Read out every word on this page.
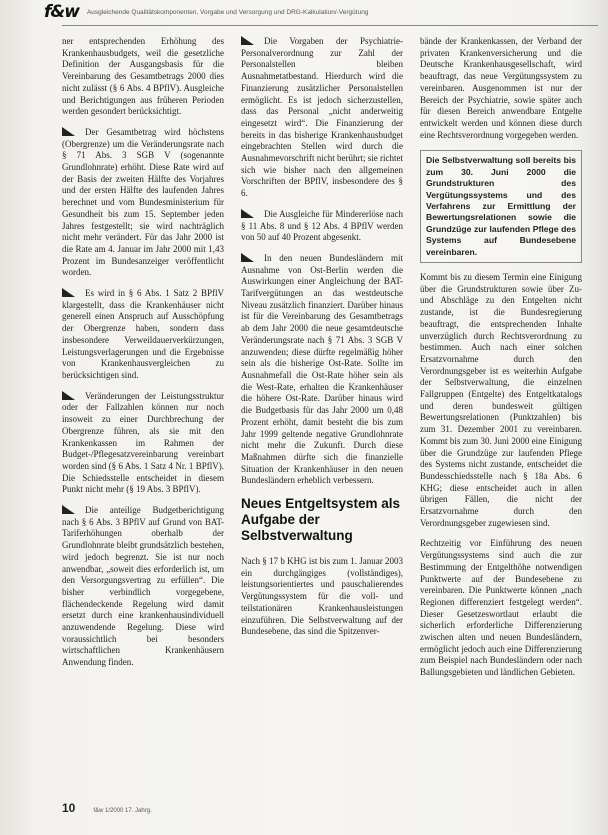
f&w Ausgleichende Qualitätskomponenten, Vorgabe und Versorgung und DRG-Kalkulation/-Vergütung

ner entsprechenden Erhöhung des Krankenhausbudgets, weil die gesetzliche Definition der Ausgangsbasis für die Vereinbarung des Gesamtbetrags 2000 dies nicht zulässt (§ 6 Abs. 4 BPflV). Ausgleiche und Berichtigungen aus früheren Perioden werden gesondert berücksichtigt.

Der Gesamtbetrag wird höchstens (Obergrenze) um die Veränderungsrate nach § 71 Abs. 3 SGB V (sogenannte Grundlohnrate) erhöht. Diese Rate wird auf der Basis der zweiten Hälfte des Vorjahres und der ersten Hälfte des laufenden Jahres berechnet und vom Bundesministerium für Gesundheit bis zum 15. September jeden Jahres festgestellt; sie wird nachträglich nicht mehr verändert. Für das Jahr 2000 ist die Rate am 4. Januar im Jahr 2000 mit 1,43 Prozent im Bundesanzeiger veröffentlicht worden.

Es wird in § 6 Abs. 1 Satz 2 BPflV klargestellt, dass die Krankenhäuser nicht generell einen Anspruch auf Ausschöpfung der Obergrenze haben, sondern dass insbesondere Verweildauerverkürzungen, Leistungsverlagerungen und die Ergebnisse von Krankenhausvergleichen zu berücksichtigen sind.

Veränderungen der Leistungsstruktur oder der Fallzahlen können nur noch insoweit zu einer Durchbrechung der Obergrenze führen, als sie mit den Krankenkassen im Rahmen der Budget-/Pflegesatzvereinbarung vereinbart worden sind (§ 6 Abs. 1 Satz 4 Nr. 1 BPflV). Die Schiedsstelle entscheidet in diesem Punkt nicht mehr (§ 19 Abs. 3 BPflV).

Die anteilige Budgetberichtigung nach § 6 Abs. 3 BPflV auf Grund von BAT-Tariferhöhungen oberhalb der Grundlohnrate bleibt grundsätzlich bestehen, wird jedoch begrenzt. Sie ist nur noch anwendbar, „soweit dies erforderlich ist, um den Versorgungsvertrag zu erfüllen“. Die bisher verbindlich vorgegebene, flächendeckende Regelung wird damit ersetzt durch eine krankenhausindividuell anzuwendende Regelung. Diese wird voraussichtlich bei besonders wirtschaftlichen Krankenhäusern Anwendung finden.

Die Vorgaben der Psychiatrie-Personalverordnung zur Zahl der Personalstellen bleiben Ausnahmetatbestand. Hierdurch wird die Finanzierung zusätzlicher Personalstellen ermöglicht. Es ist jedoch sicherzustellen, dass das Personal „nicht anderweitig eingesetzt wird“. Die Finanzierung der bereits in das bisherige Krankenhausbudget eingebrachten Stellen wird durch die Ausnahmevorschrift nicht berührt; sie richtet sich wie bisher nach den allgemeinen Vorschriften der BPflV, insbesondere des § 6.

Die Ausgleiche für Mindererlöse nach § 11 Abs. 8 und § 12 Abs. 4 BPflV werden von 50 auf 40 Prozent abgesenkt.

In den neuen Bundesländern mit Ausnahme von Ost-Berlin werden die Auswirkungen einer Angleichung der BAT-Tarifvergütungen an das westdeutsche Niveau zusätzlich finanziert. Darüber hinaus ist für die Vereinbarung des Gesamtbetrags ab dem Jahr 2000 die neue gesamtdeutsche Veränderungsrate nach § 71 Abs. 3 SGB V anzuwenden; diese dürfte regelmäßig höher sein als die bisherige Ost-Rate. Sollte im Ausnahmefall die Ost-Rate höher sein als die West-Rate, erhalten die Krankenhäuser die höhere Ost-Rate. Darüber hinaus wird die Budgetbasis für das Jahr 2000 um 0,48 Prozent erhöht, damit besteht die bis zum Jahr 1999 geltende negative Grundlohnrate nicht mehr die Zukunft. Durch diese Maßnahmen dürfte sich die finanzielle Situation der Krankenhäuser in den neuen Bundesländern erheblich verbessern.

Neues Entgeltsystem als Aufgabe der Selbstverwaltung

Nach § 17 b KHG ist bis zum 1. Januar 2003 ein durchgängiges (vollständiges), leistungsorientiertes und pauschalierendes Vergütungssystem für die voll- und teilstationären Krankenhausleistungen einzuführen. Die Selbstverwaltung auf der Bundesebene, das sind die Spitzenver-

bände der Krankenkassen, der Verband der privaten Krankenversicherung und die Deutsche Krankenhausgesellschaft, wird beauftragt, das neue Vergütungssystem zu vereinbaren. Ausgenommen ist nur der Bereich der Psychiatrie, sowie später auch für diesen Bereich anwendbare Entgelte entwickelt werden und können diese durch eine Rechtsverordnung vorgegeben werden.

Die Selbstverwaltung soll bereits bis zum 30. Juni 2000 die Grundstrukturen des Vergütungssystems und des Verfahrens zur Ermittlung der Bewertungsrelationen sowie die Grundzüge zur laufenden Pflege des Systems auf Bundesebene vereinbaren.

Kommt bis zu diesem Termin eine Einigung über die Grundstrukturen sowie über Zu- und Abschläge zu den Entgelten nicht zustande, ist die Bundesregierung beauftragt, die entsprechenden Inhalte unverzüglich durch Rechtsverordnung zu bestimmen. Auch nach einer solchen Ersatzvornahme durch den Verordnungsgeber ist es weiterhin Aufgabe der Selbstverwaltung, die einzelnen Fallgruppen (Entgelte) des Entgeltkatalogs und deren bundesweit gültigen Bewertungsrelationen (Punktzahlen) bis zum 31. Dezember 2001 zu vereinbaren. Kommt bis zum 30. Juni 2000 eine Einigung über die Grundzüge zur laufenden Pflege des Systems nicht zustande, entscheidet die Bundesschiedsstelle nach § 18a Abs. 6 KHG; diese entscheidet auch in allen übrigen Fällen, die nicht der Ersatzvornahme durch den Verordnungsgeber zugewiesen sind.

Rechtzeitig vor Einführung des neuen Vergütungssystems sind auch die zur Bestimmung der Entgelthöhe notwendigen Punktwerte auf der Bundesebene zu vereinbaren. Die Punktwerte können „nach Regionen differenziert festgelegt werden“. Dieser Gesetzeswortlaut erlaubt die sicherlich erforderliche Differenzierung zwischen alten und neuen Bundesländern, ermöglicht jedoch auch eine Differenzierung zum Beispiel nach Bundesländern oder nach Ballungsgebieten und ländlichen Gebieten.

10	f&w 1/2000 17. Jahrg.
